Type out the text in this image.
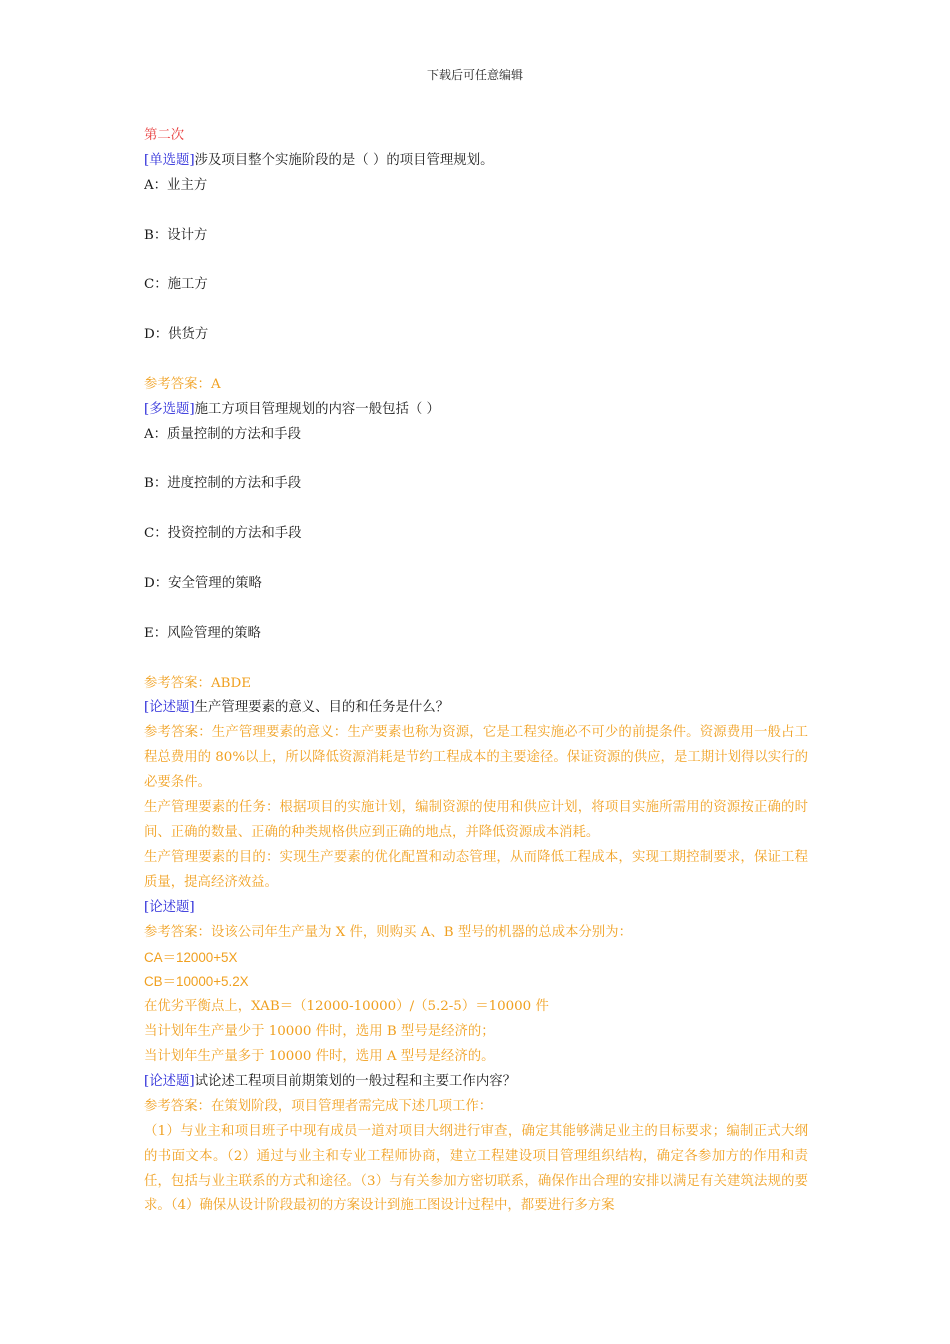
下载后可任意编辑
第二次
[单选题]涉及项目整个实施阶段的是（ ）的项目管理规划。
A：业主方
B：设计方
C：施工方
D：供货方
参考答案：A
[多选题]施工方项目管理规划的内容一般包括（ ）
A：质量控制的方法和手段
B：进度控制的方法和手段
C：投资控制的方法和手段
D：安全管理的策略
E：风险管理的策略
参考答案：ABDE
[论述题]生产管理要素的意义、目的和任务是什么？
参考答案：生产管理要素的意义：生产要素也称为资源，它是工程实施必不可少的前提条件。资源费用一般占工程总费用的 80%以上，所以降低资源消耗是节约工程成本的主要途径。保证资源的供应，是工期计划得以实行的必要条件。
生产管理要素的任务：根据项目的实施计划，编制资源的使用和供应计划，将项目实施所需用的资源按正确的时间、正确的数量、正确的种类规格供应到正确的地点，并降低资源成本消耗。
生产管理要素的目的：实现生产要素的优化配置和动态管理，从而降低工程成本，实现工期控制要求，保证工程质量，提高经济效益。
[论述题]
参考答案：设该公司年生产量为 X 件，则购买 A、B 型号的机器的总成本分别为：
CA＝12000+5X
CB＝10000+5.2X
在优劣平衡点上，XAB＝（12000-10000）/（5.2-5）＝10000 件
当计划年生产量少于 10000 件时，选用 B 型号是经济的；
当计划年生产量多于 10000 件时，选用 A 型号是经济的。
[论述题]试论述工程项目前期策划的一般过程和主要工作内容？
参考答案：在策划阶段，项目管理者需完成下述几项工作：
（1）与业主和项目班子中现有成员一道对项目大纲进行审查，确定其能够满足业主的目标要求；编制正式大纲的书面文本。（2）通过与业主和专业工程师协商，建立工程建设项目管理组织结构，确定各参加方的作用和责任，包括与业主联系的方式和途径。（3）与有关参加方密切联系，确保作出合理的安排以满足有关建筑法规的要求。（4）确保从设计阶段最初的方案设计到施工图设计过程中，都要进行多方案
